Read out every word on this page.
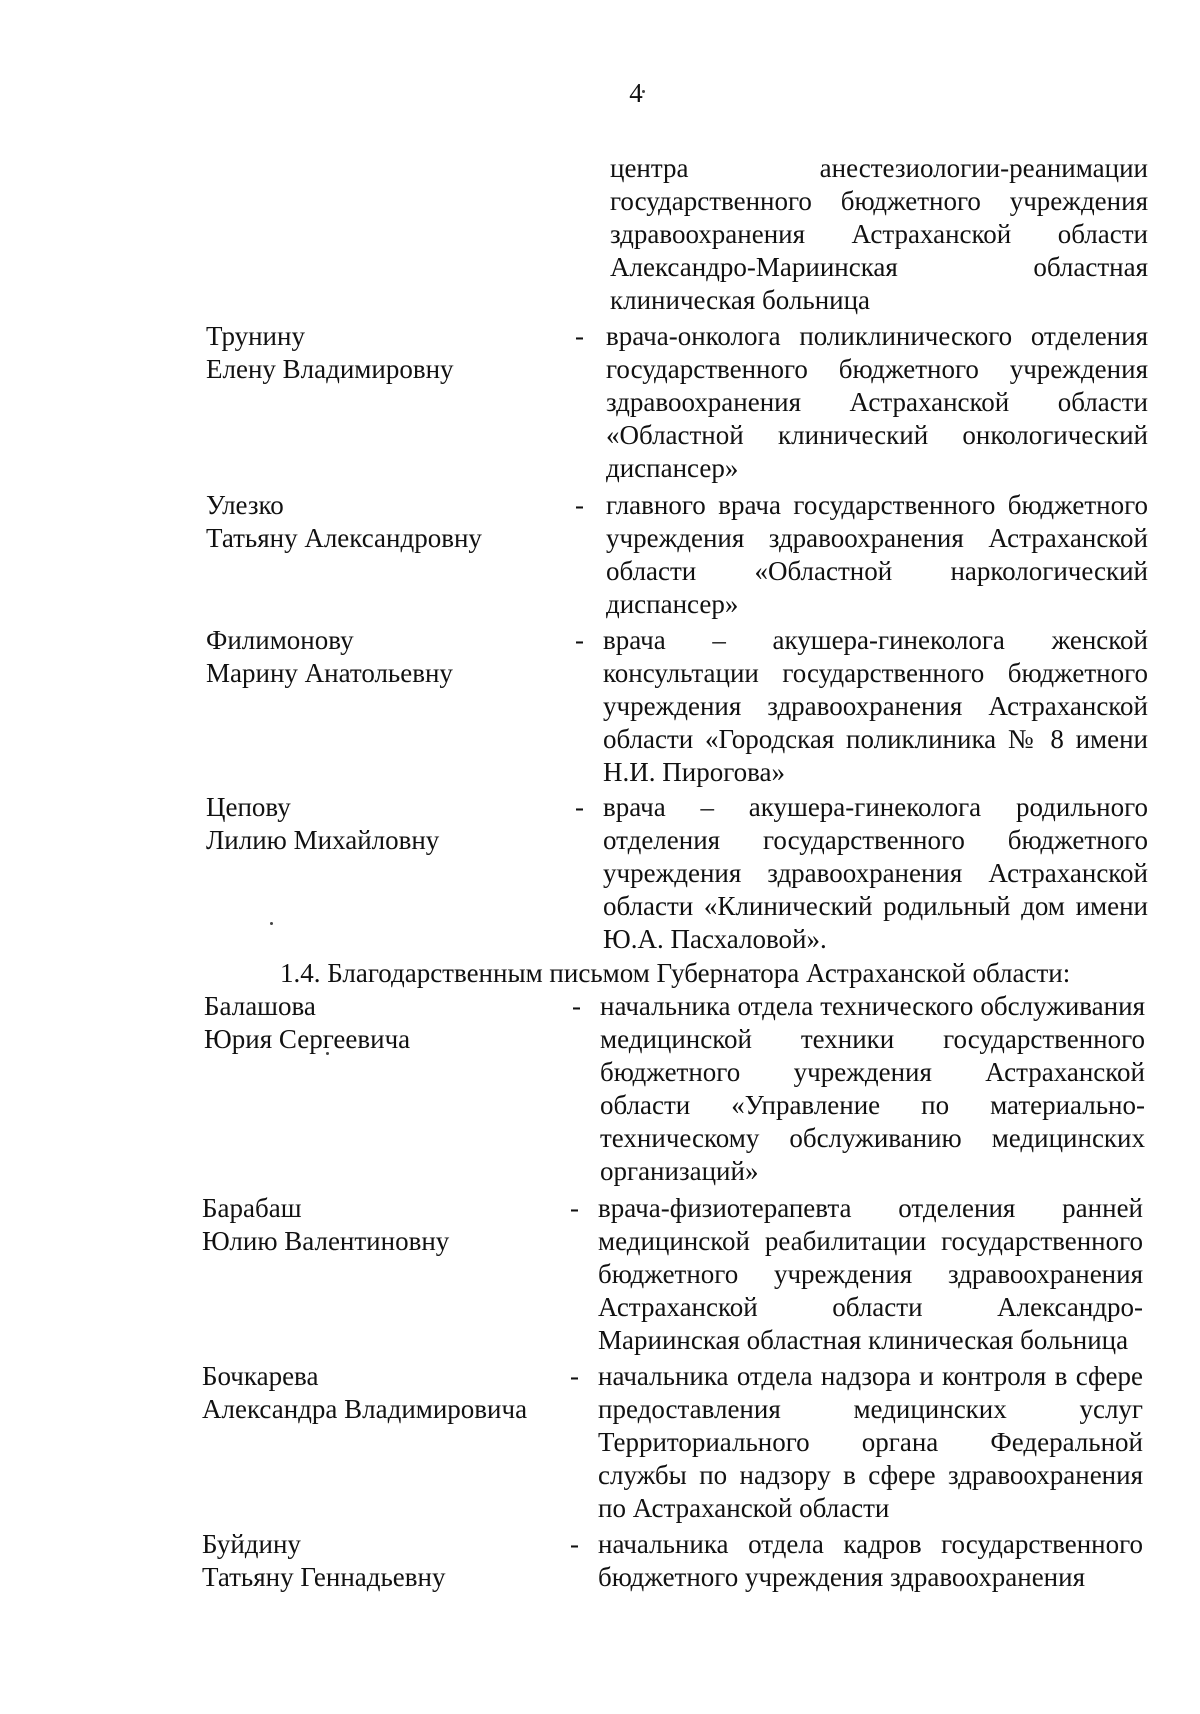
4
центра анестезиологии-реанимации государственного бюджетного учреждения здравоохранения Астраханской области Александро-Мариинская областная клиническая больница
Трунину
Елену Владимировну
- врача-онколога поликлинического отделения государственного бюджетного учреждения здравоохранения Астраханской области «Областной клинический онкологический диспансер»
Улезко
Татьяну Александровну
- главного врача государственного бюджетного учреждения здравоохранения Астраханской области «Областной наркологический диспансер»
Филимонову
Марину Анатольевну
- врача – акушера-гинеколога женской консультации государственного бюджетного учреждения здравоохранения Астраханской области «Городская поликлиника № 8 имени Н.И. Пирогова»
Цепову
Лилию Михайловну
- врача – акушера-гинеколога родильного отделения государственного бюджетного учреждения здравоохранения Астраханской области «Клинический родильный дом имени Ю.А. Пасхаловой».
1.4. Благодарственным письмом Губернатора Астраханской области:
Балашова
Юрия Сергеевича
- начальника отдела технического обслуживания медицинской техники государственного бюджетного учреждения Астраханской области «Управление по материально-техническому обслуживанию медицинских организаций»
Барабаш
Юлию Валентиновну
- врача-физиотерапевта отделения ранней медицинской реабилитации государственного бюджетного учреждения здравоохранения Астраханской области Александро-Мариинская областная клиническая больница
Бочкарева
Александра Владимировича
- начальника отдела надзора и контроля в сфере предоставления медицинских услуг Территориального органа Федеральной службы по надзору в сфере здравоохранения по Астраханской области
Буйдину
Татьяну Геннадьевну
- начальника отдела кадров государственного бюджетного учреждения здравоохранения
